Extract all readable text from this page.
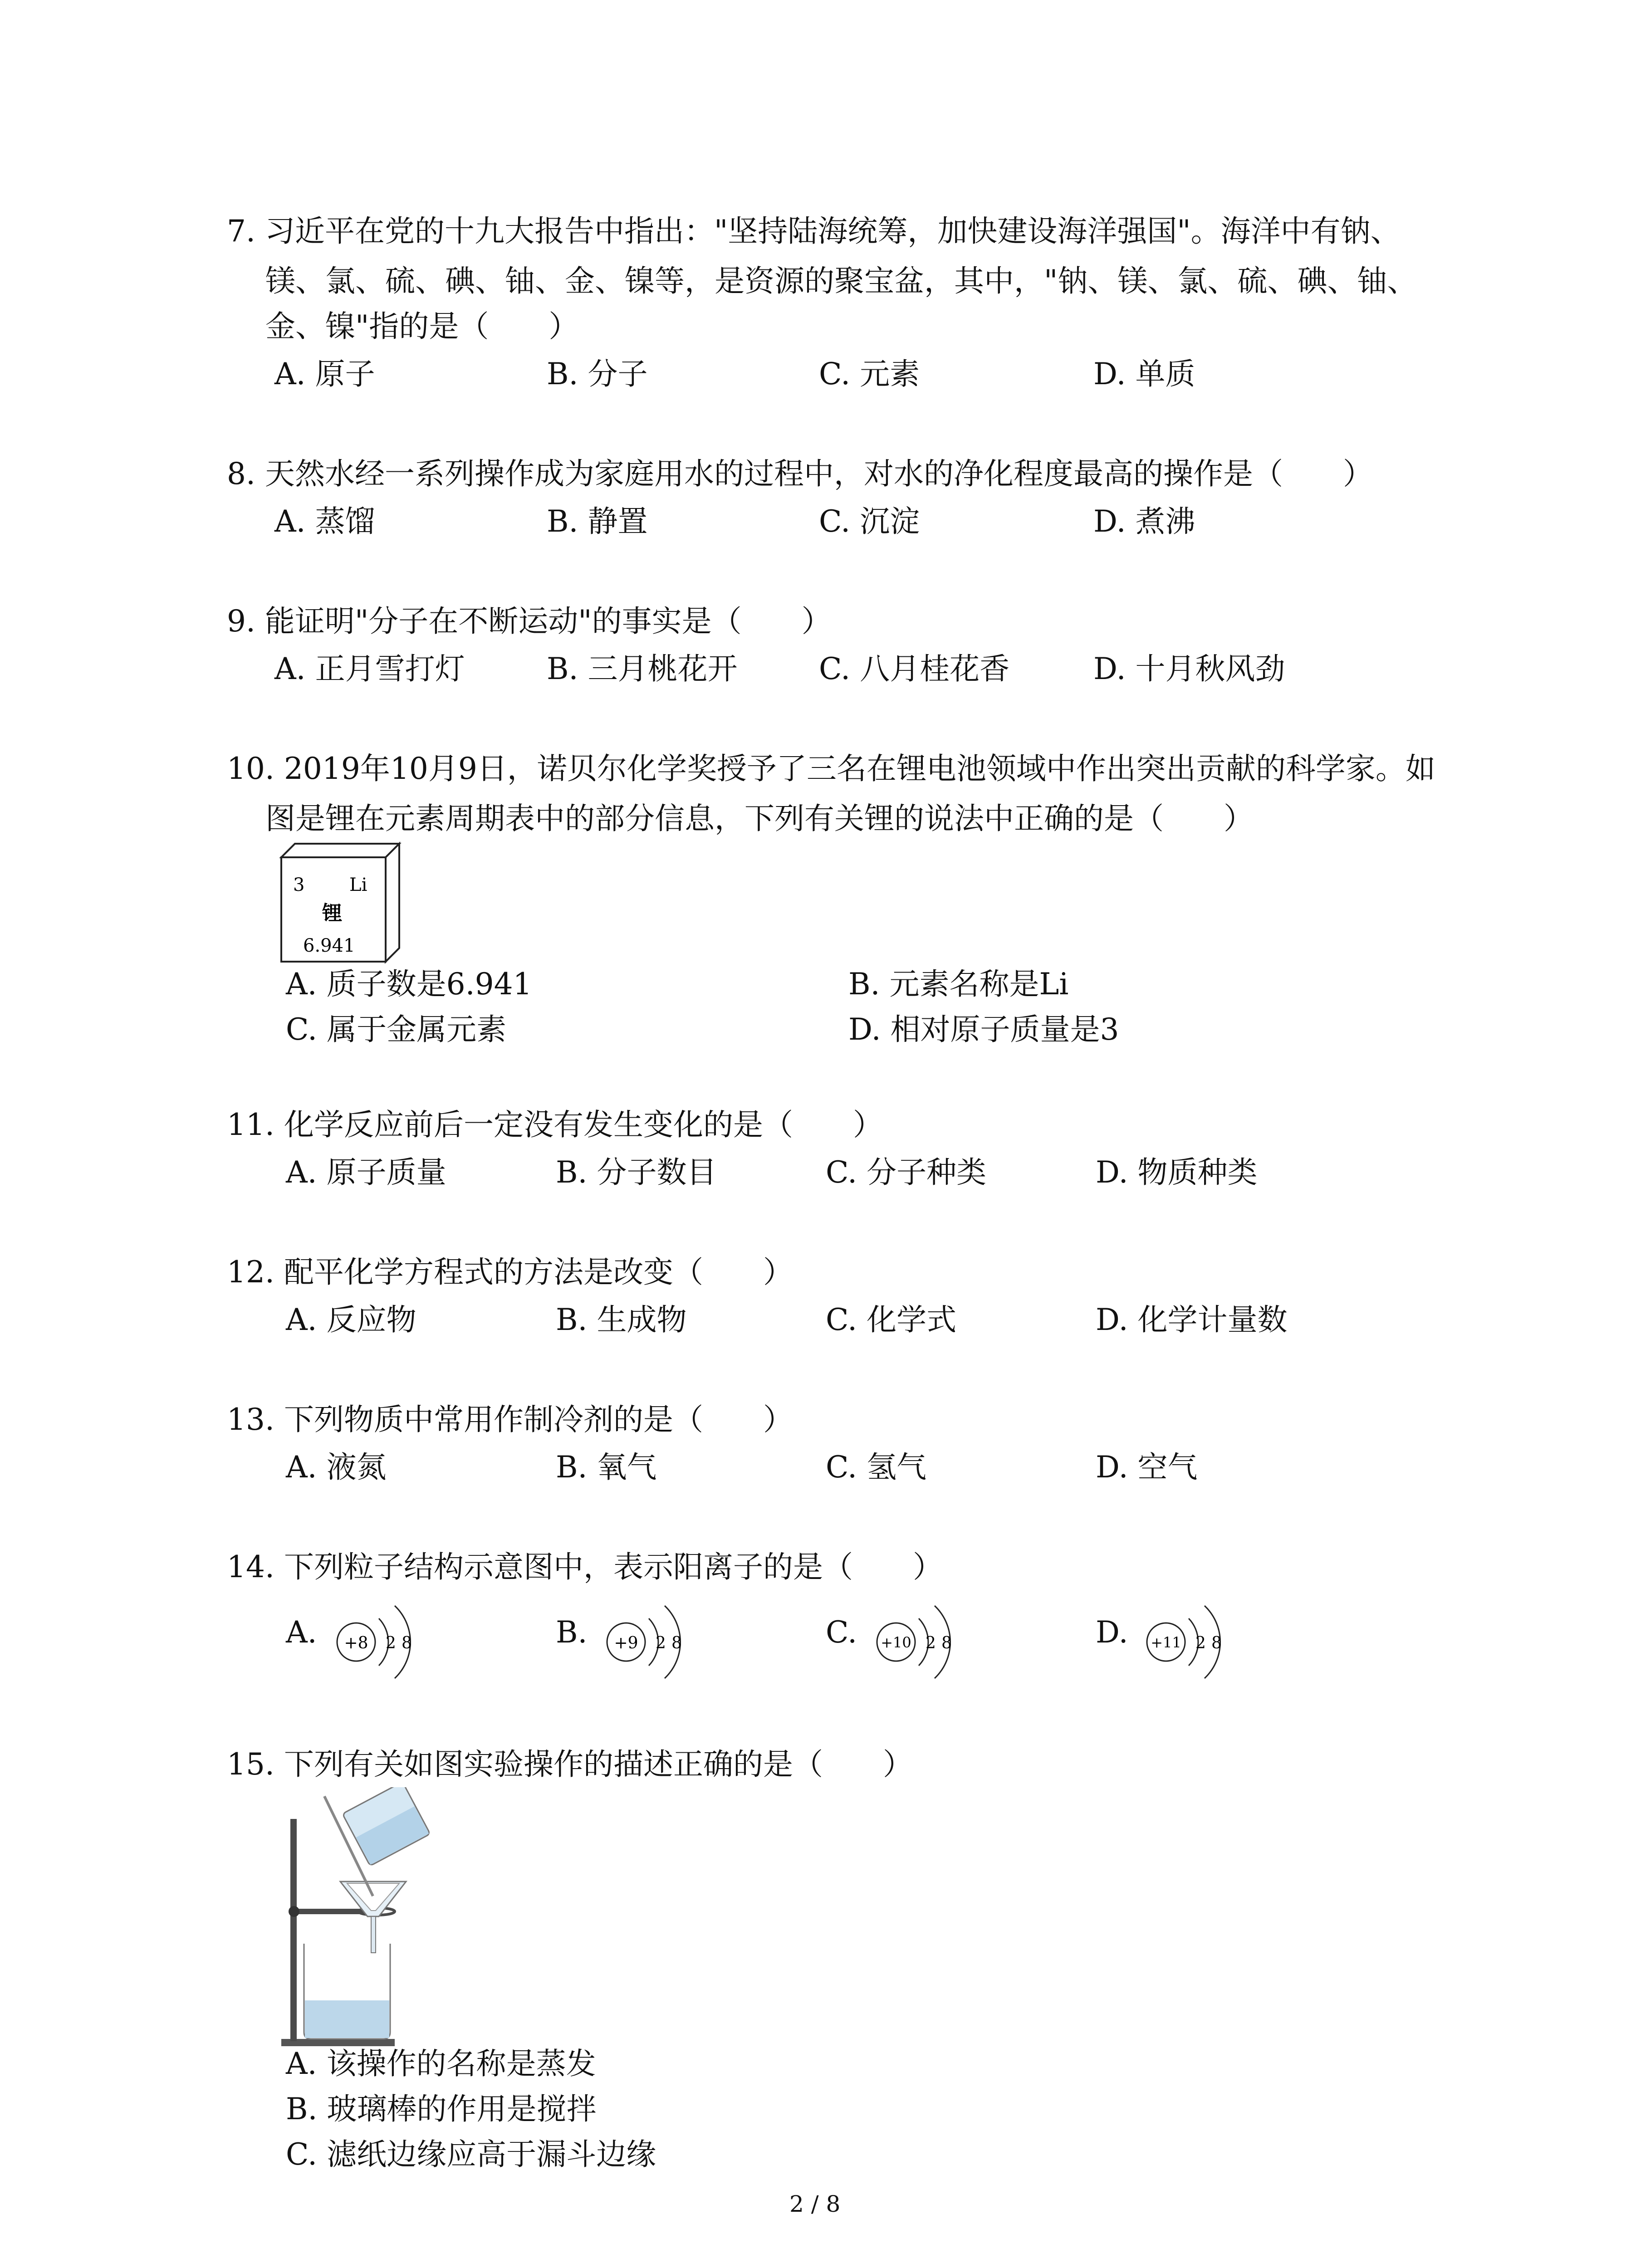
7. 习近平在党的十九大报告中指出："坚持陆海统筹，加快建设海洋强国"。海洋中有钠、
镁、氯、硫、碘、铀、金、镍等，是资源的聚宝盆，其中，"钠、镁、氯、硫、碘、铀、
金、镍"指的是（　　）
A. 原子	B. 分子	C. 元素	D. 单质
8. 天然水经一系列操作成为家庭用水的过程中，对水的净化程度最高的操作是（　　）
A. 蒸馏	B. 静置	C. 沉淀	D. 煮沸
9. 能证明"分子在不断运动"的事实是（　　）
A. 正月雪打灯	B. 三月桃花开	C. 八月桂花香	D. 十月秋风劲
10. 2019年10月9日，诺贝尔化学奖授予了三名在锂电池领域中作出突出贡献的科学家。如
图是锂在元素周期表中的部分信息，下列有关锂的说法中正确的是（　　）
3 Li
锂
6.941
A. 质子数是6.941	B. 元素名称是Li
C. 属于金属元素	D. 相对原子质量是3
11. 化学反应前后一定没有发生变化的是（　　）
A. 原子质量	B. 分子数目	C. 分子种类	D. 物质种类
12. 配平化学方程式的方法是改变（　　）
A. 反应物	B. 生成物	C. 化学式	D. 化学计量数
13. 下列物质中常用作制冷剂的是（　　）
A. 液氮	B. 氧气	C. 氢气	D. 空气
14. 下列粒子结构示意图中，表示阳离子的是（　　）
A. +8 2 8	B. +9 2 8	C. +10 2 8	D. +11 2 8
15. 下列有关如图实验操作的描述正确的是（　　）
A. 该操作的名称是蒸发
B. 玻璃棒的作用是搅拌
C. 滤纸边缘应高于漏斗边缘
2 / 8
